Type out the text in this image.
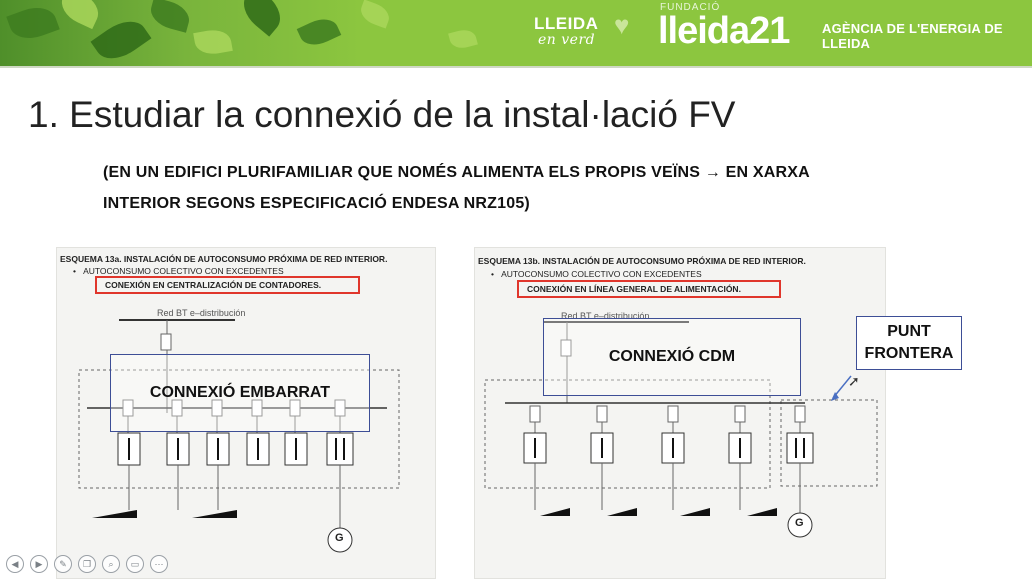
LLEIDA ♥
en verd
FUNDACIÓ
lleida21	AGÈNCIA DE L'ENERGIA DE LLEIDA
1. Estudiar la connexió de la instal·lació FV
(EN UN EDIFICI PLURIFAMILIAR QUE NOMÉS ALIMENTA ELS PROPIS VEÏNS → EN XARXA
INTERIOR SEGONS ESPECIFICACIÓ ENDESA NRZ105)
ESQUEMA 13a. INSTALACIÓN DE AUTOCONSUMO PRÓXIMA DE RED INTERIOR.
•   AUTOCONSUMO COLECTIVO CON EXCEDENTES
CONEXIÓN EN CENTRALIZACIÓN DE CONTADORES.
Red BT e–distribución
G
CONNEXIÓ EMBARRAT
ESQUEMA 13b. INSTALACIÓN DE AUTOCONSUMO PRÓXIMA DE RED INTERIOR.
•   AUTOCONSUMO COLECTIVO CON EXCEDENTES
CONEXIÓN EN LÍNEA GENERAL DE ALIMENTACIÓN.
Red BT e–distribución
G
CONNEXIÓ CDM
PUNT
FRONTERA
➚
◀	▶	✎	❐	⌕	▭	⋯
